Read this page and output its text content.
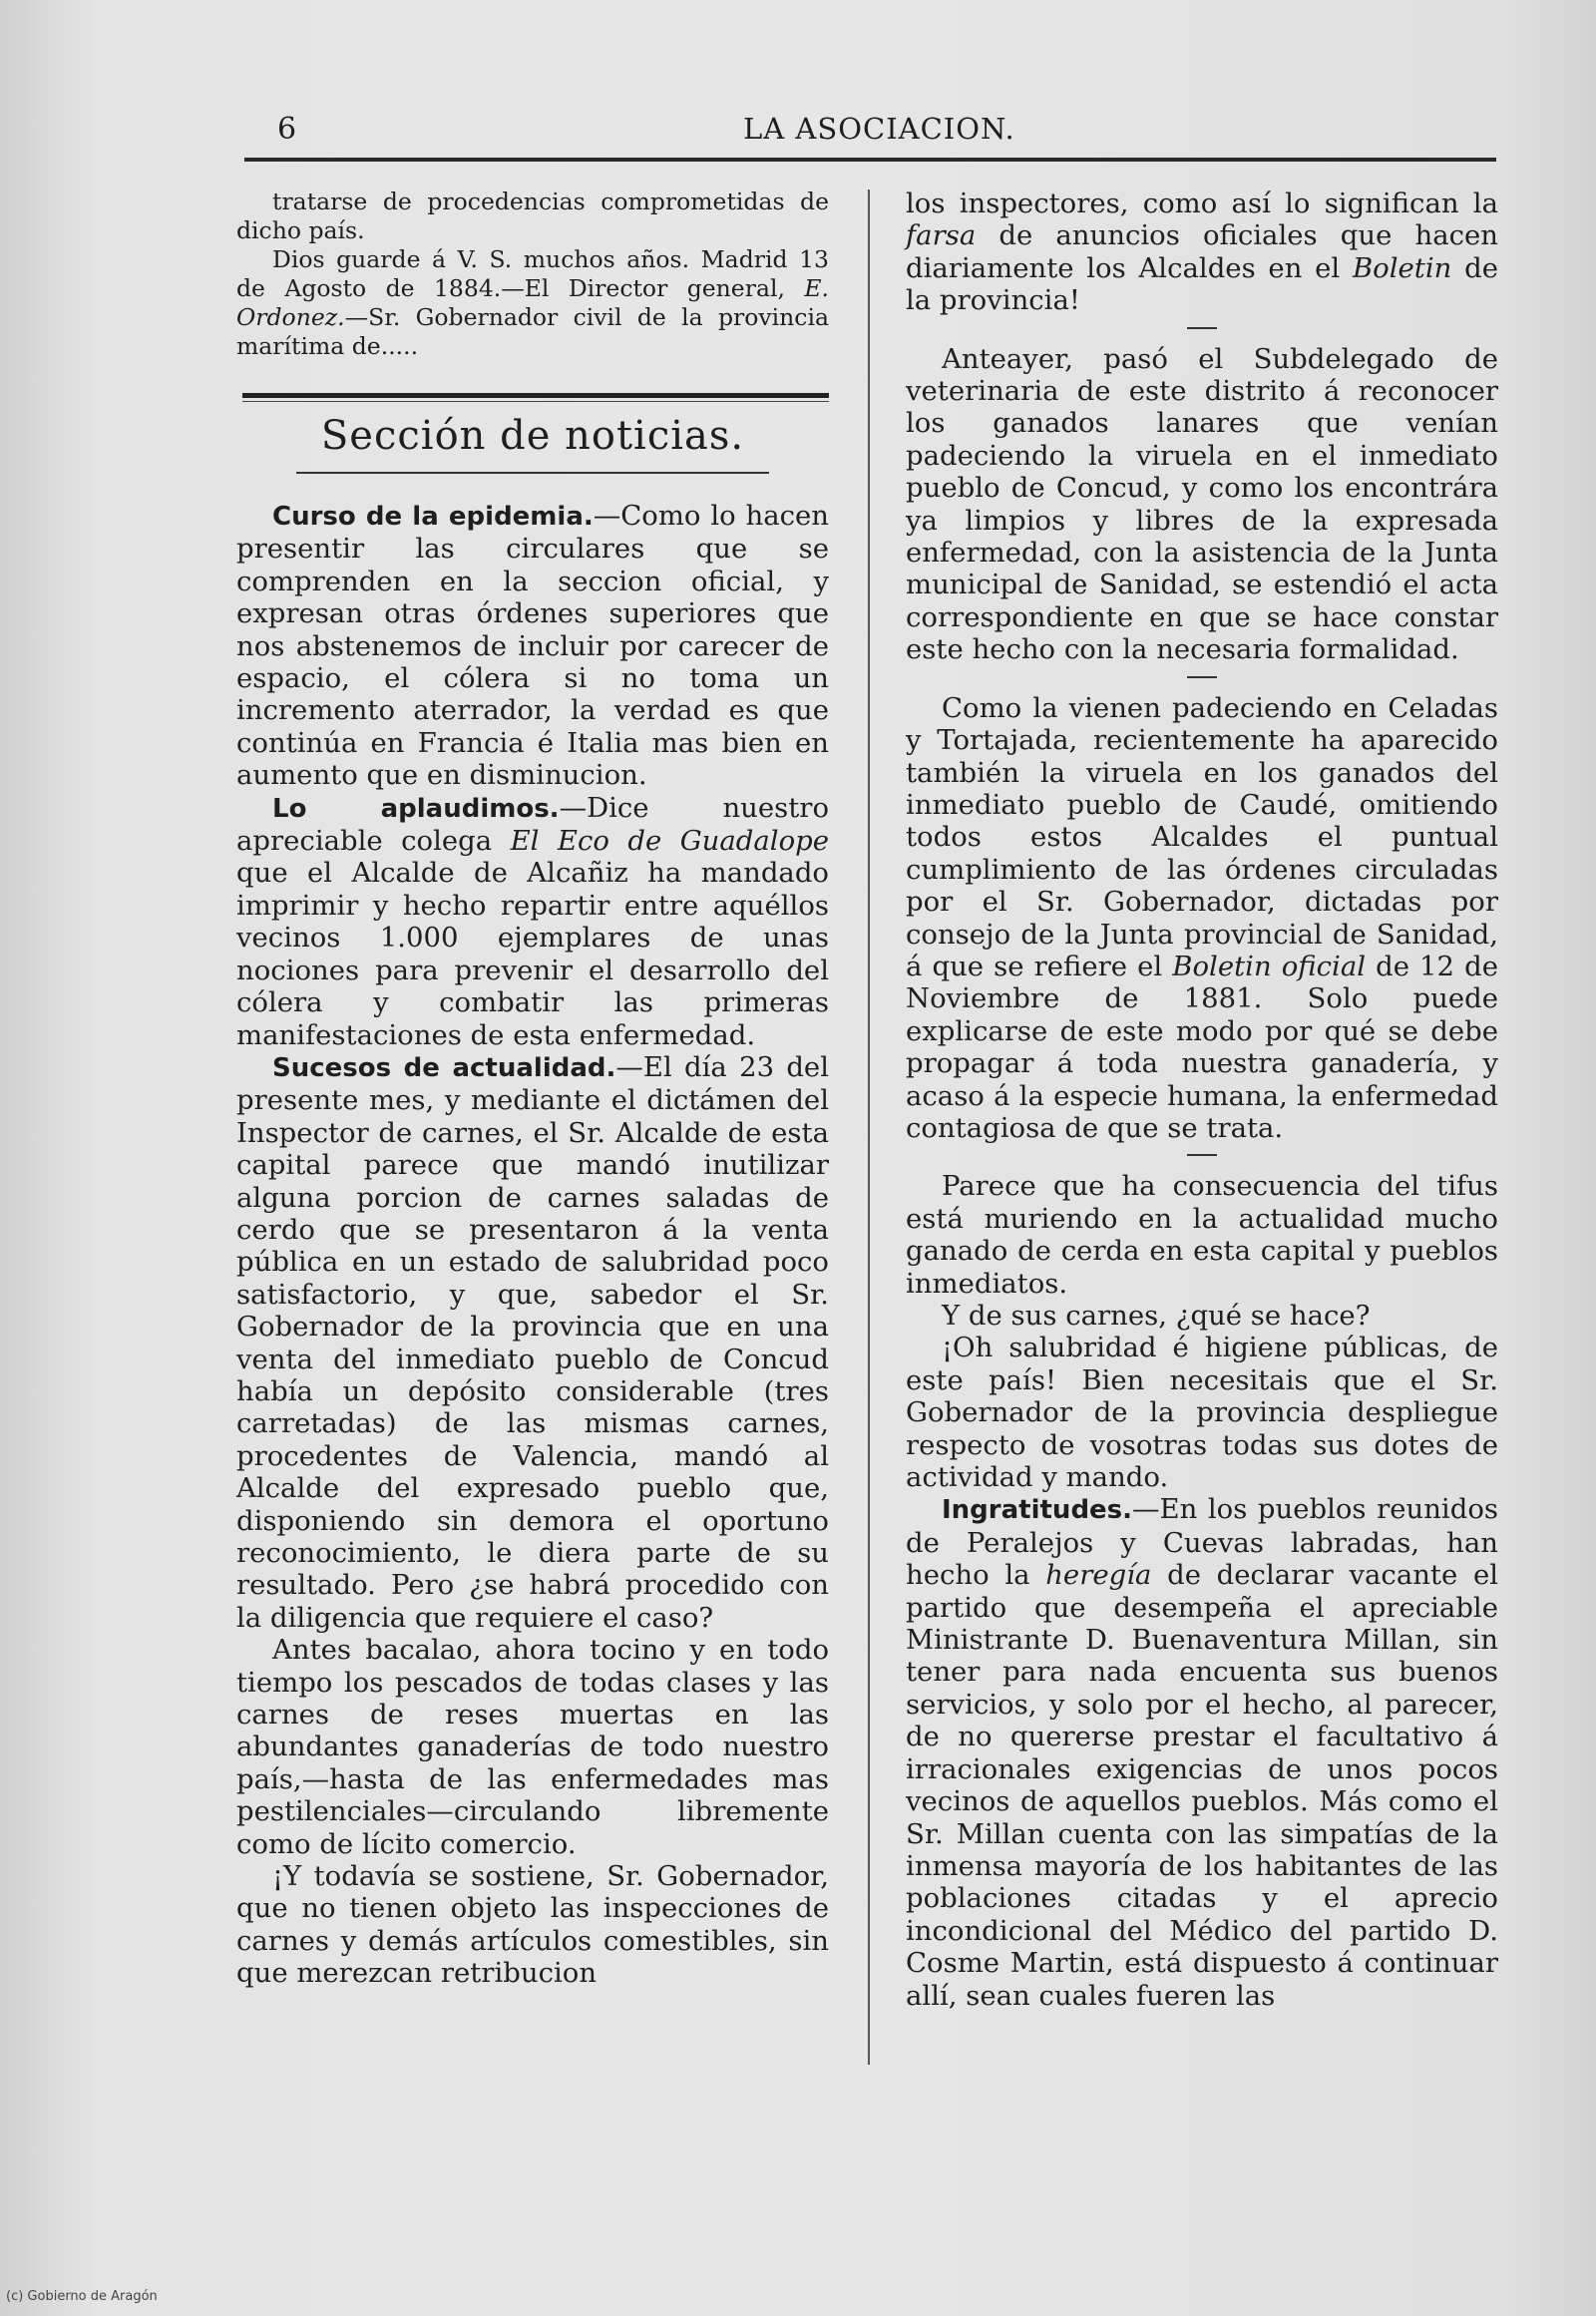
6	LA ASOCIACION.

tratarse de procedencias comprometidas de dicho país.

Dios guarde á V. S. muchos años. Madrid 13 de Agosto de 1884.—El Director general, E. Ordonez.—Sr. Gobernador civil de la provincia marítima de.....

Sección de noticias.

Curso de la epidemia.—Como lo hacen presentir las circulares que se comprenden en la seccion oficial, y expresan otras órdenes superiores que nos abstenemos de incluir por carecer de espacio, el cólera si no toma un incremento aterrador, la verdad es que continúa en Francia é Italia mas bien en aumento que en disminucion.

Lo aplaudimos.—Dice nuestro apreciable colega El Eco de Guadalope que el Alcalde de Alcañiz ha mandado imprimir y hecho repartir entre aquéllos vecinos 1.000 ejemplares de unas nociones para prevenir el desarrollo del cólera y combatir las primeras manifestaciones de esta enfermedad.

Sucesos de actualidad.—El día 23 del presente mes, y mediante el dictámen del Inspector de carnes, el Sr. Alcalde de esta capital parece que mandó inutilizar alguna porcion de carnes saladas de cerdo que se presentaron á la venta pública en un estado de salubridad poco satisfactorio, y que, sabedor el Sr. Gobernador de la provincia que en una venta del inmediato pueblo de Concud había un depósito considerable (tres carretadas) de las mismas carnes, procedentes de Valencia, mandó al Alcalde del expresado pueblo que, disponiendo sin demora el oportuno reconocimiento, le diera parte de su resultado. Pero ¿se habrá procedido con la diligencia que requiere el caso?

Antes bacalao, ahora tocino y en todo tiempo los pescados de todas clases y las carnes de reses muertas en las abundantes ganaderías de todo nuestro país,—hasta de las enfermedades mas pestilenciales—circulando libremente como de lícito comercio.

¡Y todavía se sostiene, Sr. Gobernador, que no tienen objeto las inspecciones de carnes y demás artículos comestibles, sin que merezcan retribucion

los inspectores, como así lo significan la farsa de anuncios oficiales que hacen diariamente los Alcaldes en el Boletin de la provincia!

Anteayer, pasó el Subdelegado de veterinaria de este distrito á reconocer los ganados lanares que venían padeciendo la viruela en el inmediato pueblo de Concud, y como los encontrára ya limpios y libres de la expresada enfermedad, con la asistencia de la Junta municipal de Sanidad, se estendió el acta correspondiente en que se hace constar este hecho con la necesaria formalidad.

Como la vienen padeciendo en Celadas y Tortajada, recientemente ha aparecido también la viruela en los ganados del inmediato pueblo de Caudé, omitiendo todos estos Alcaldes el puntual cumplimiento de las órdenes circuladas por el Sr. Gobernador, dictadas por consejo de la Junta provincial de Sanidad, á que se refiere el Boletin oficial de 12 de Noviembre de 1881. Solo puede explicarse de este modo por qué se debe propagar á toda nuestra ganadería, y acaso á la especie humana, la enfermedad contagiosa de que se trata.

Parece que ha consecuencia del tifus está muriendo en la actualidad mucho ganado de cerda en esta capital y pueblos inmediatos.

Y de sus carnes, ¿qué se hace?

¡Oh salubridad é higiene públicas, de este país! Bien necesitais que el Sr. Gobernador de la provincia despliegue respecto de vosotras todas sus dotes de actividad y mando.

Ingratitudes.—En los pueblos reunidos de Peralejos y Cuevas labradas, han hecho la heregía de declarar vacante el partido que desempeña el apreciable Ministrante D. Buenaventura Millan, sin tener para nada encuenta sus buenos servicios, y solo por el hecho, al parecer, de no quererse prestar el facultativo á irracionales exigencias de unos pocos vecinos de aquellos pueblos. Más como el Sr. Millan cuenta con las simpatías de la inmensa mayoría de los habitantes de las poblaciones citadas y el aprecio incondicional del Médico del partido D. Cosme Martin, está dispuesto á continuar allí, sean cuales fueren las

(c) Gobierno de Aragón
